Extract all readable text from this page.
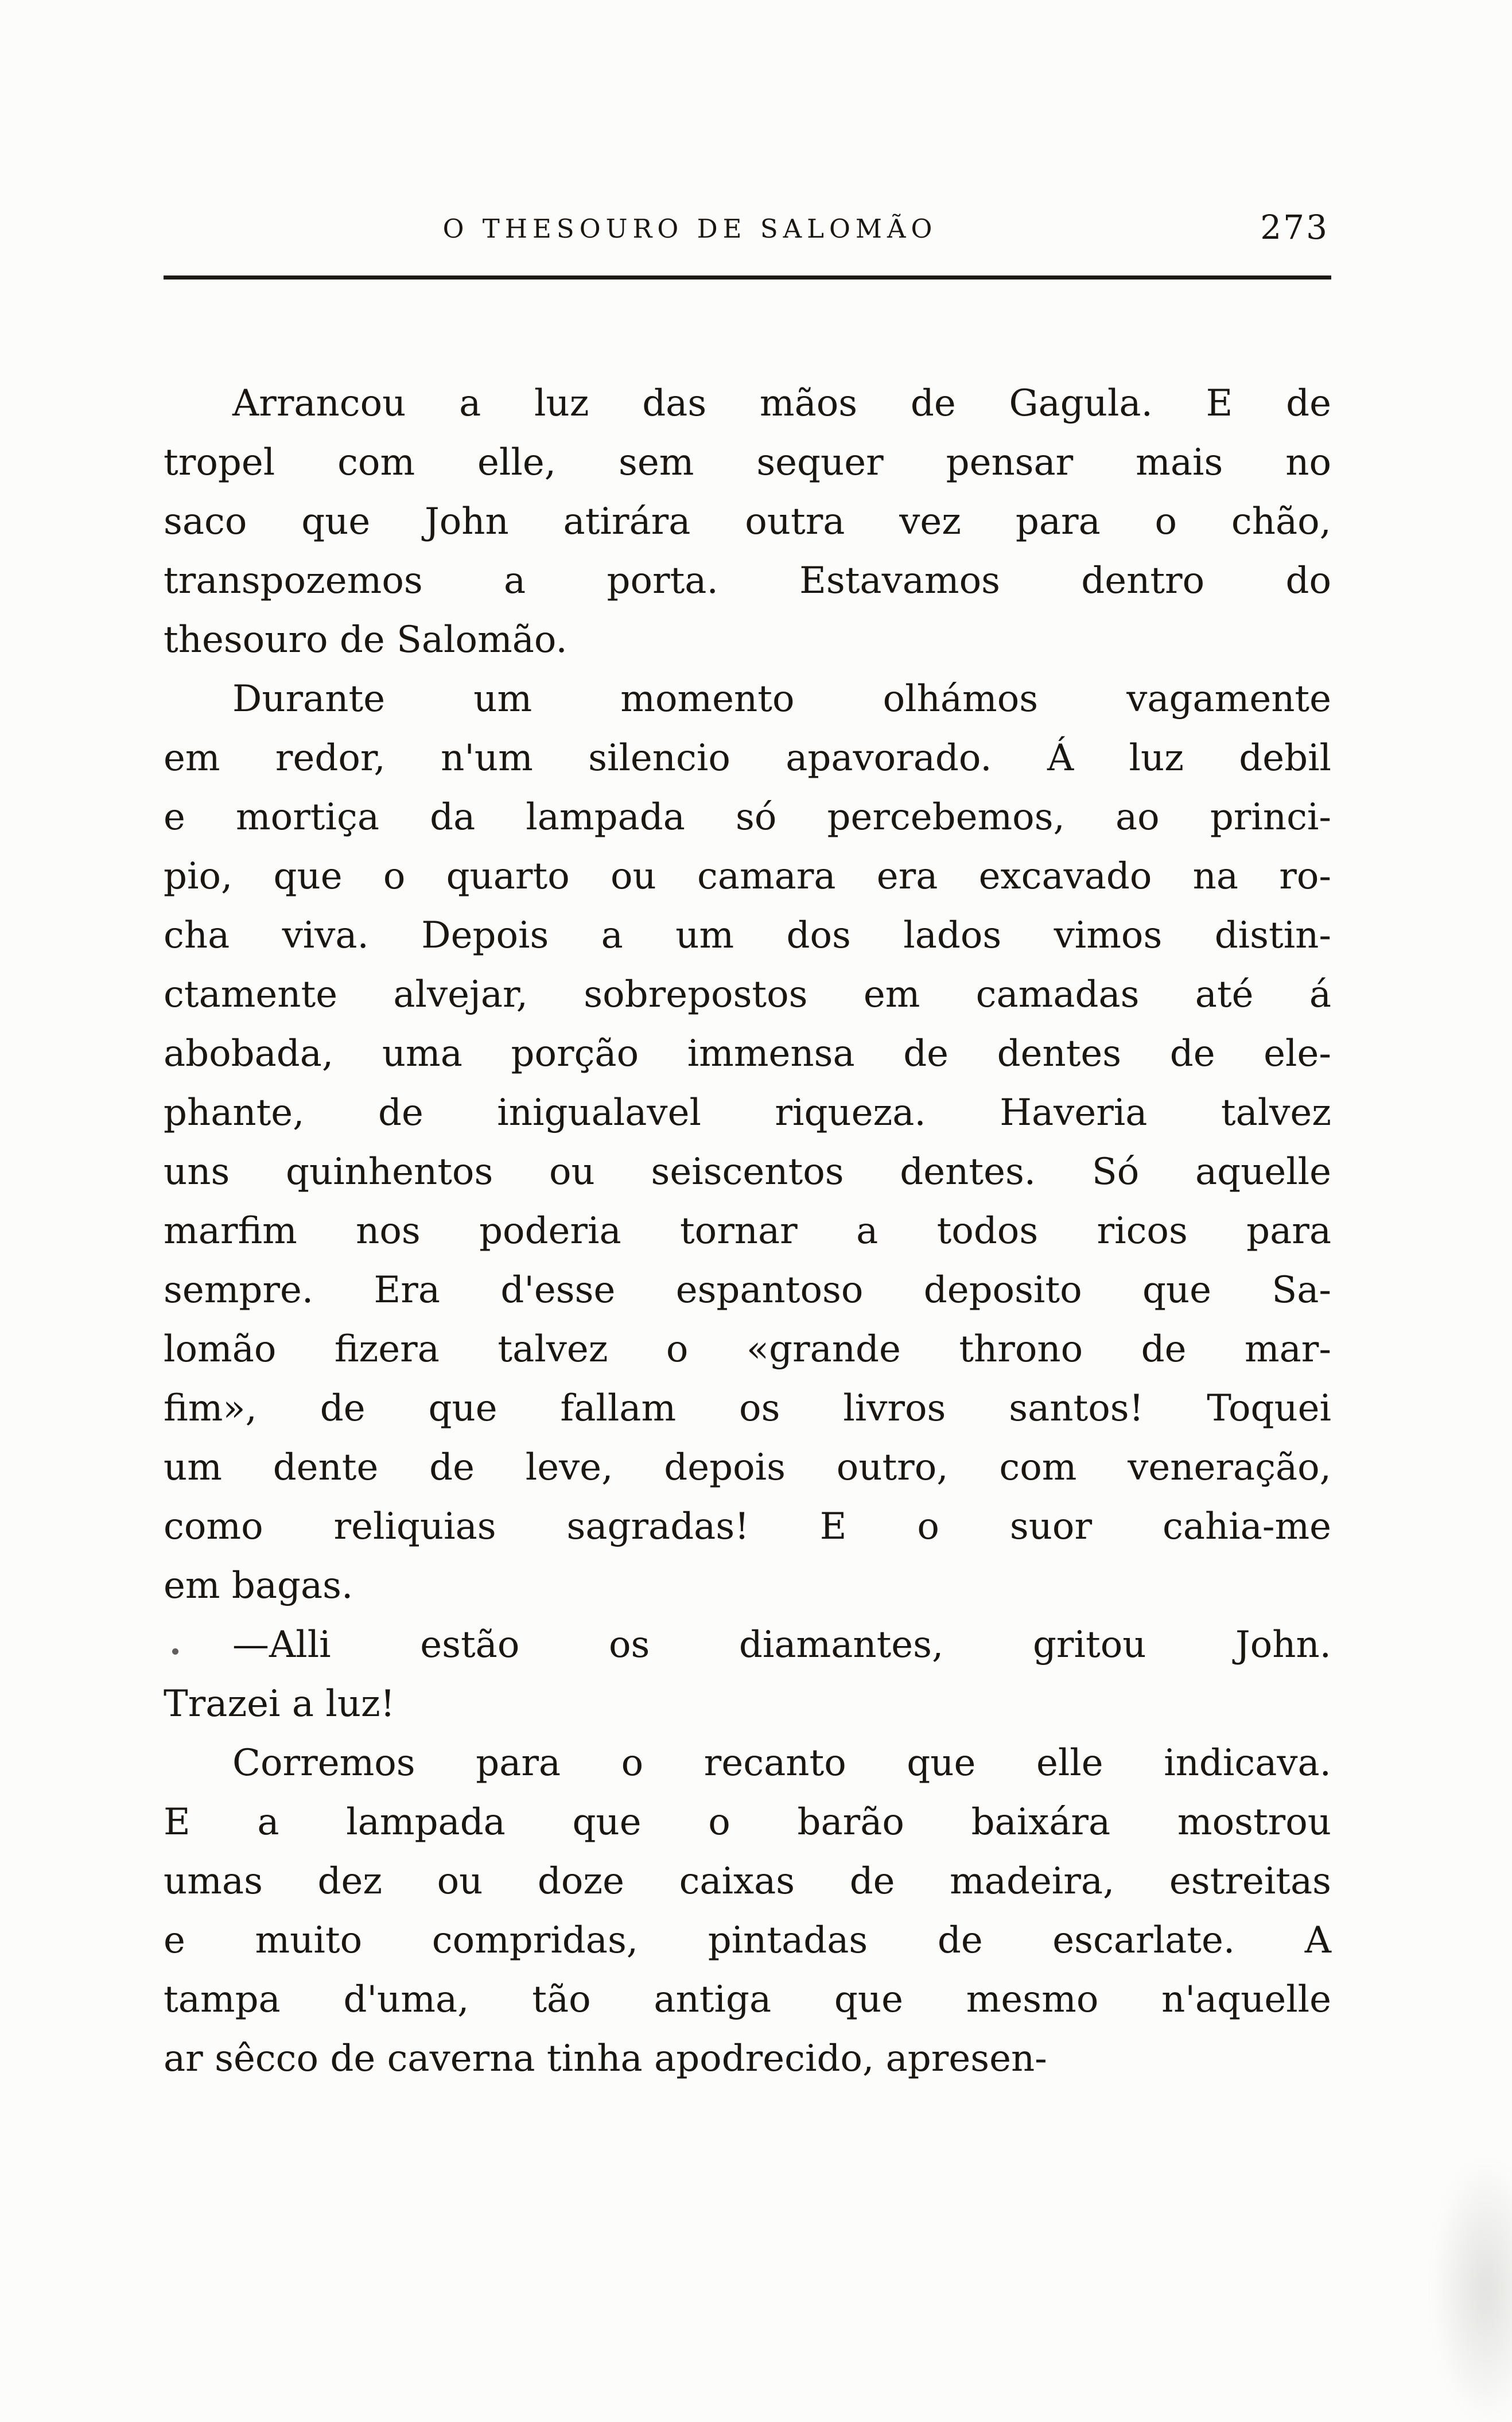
O THESOURO DE SALOMÃO	273
Arrancou a luz das mãos de Gagula. E de
tropel com elle, sem sequer pensar mais no
saco que John atirára outra vez para o chão,
transpozemos a porta. Estavamos dentro do
thesouro de Salomão.
Durante um momento olhámos vagamente
em redor, n'um silencio apavorado. Á luz debil
e mortiça da lampada só percebemos, ao princi-
pio, que o quarto ou camara era excavado na ro-
cha viva. Depois a um dos lados vimos distin-
ctamente alvejar, sobrepostos em camadas até á
abobada, uma porção immensa de dentes de ele-
phante, de inigualavel riqueza. Haveria talvez
uns quinhentos ou seiscentos dentes. Só aquelle
marfim nos poderia tornar a todos ricos para
sempre. Era d'esse espantoso deposito que Sa-
lomão fizera talvez o «grande throno de mar-
fim», de que fallam os livros santos! Toquei
um dente de leve, depois outro, com veneração,
como reliquias sagradas! E o suor cahia-me
em bagas.
—Alli estão os diamantes, gritou John.
Trazei a luz!
Corremos para o recanto que elle indicava.
E a lampada que o barão baixára mostrou
umas dez ou doze caixas de madeira, estreitas
e muito compridas, pintadas de escarlate. A
tampa d'uma, tão antiga que mesmo n'aquelle
ar sêcco de caverna tinha apodrecido, apresen-
